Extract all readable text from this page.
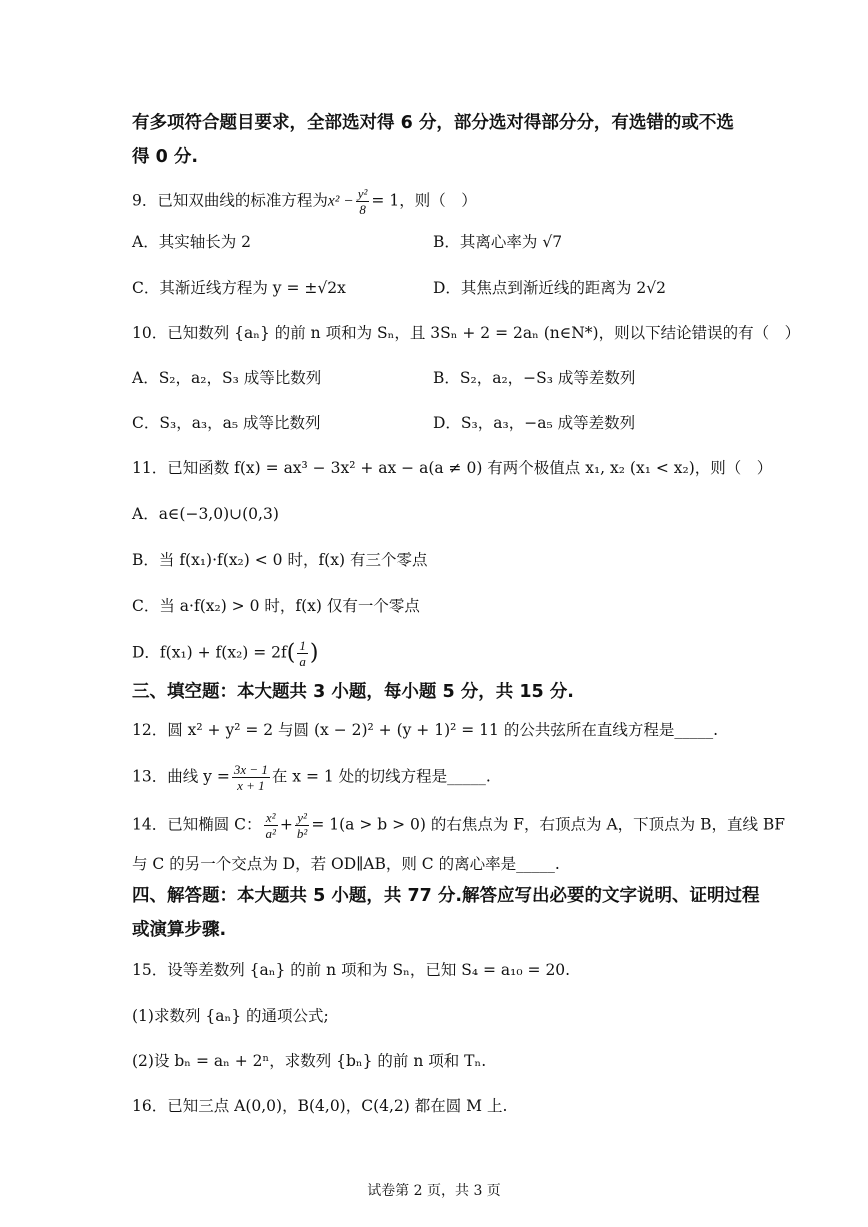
有多项符合题目要求，全部选对得 6 分，部分选对得部分分，有选错的或不选
得 0 分.
9．已知双曲线的标准方程为$x^2 - \frac{\text{y²}}{8} = 1$，则（　）
A．其实轴长为 2	B．其离心率为 √7
C．其渐近线方程为 y = ±√2x	D．其焦点到渐近线的距离为 2√2
10．已知数列 {aₙ} 的前 n 项和为 Sₙ，且 3Sₙ + 2 = 2aₙ (n∈N*)，则以下结论错误的有（　）
A．S₂，a₂，S₃ 成等比数列	B．S₂，a₂，−S₃ 成等差数列
C．S₃，a₃，a₅ 成等比数列	D．S₃，a₃，−a₅ 成等差数列
11．已知函数 f(x) = ax³ − 3x² + ax − a(a ≠ 0) 有两个极值点 x₁, x₂ (x₁ < x₂)，则（　）
A．a∈(−3,0)∪(0,3)
B．当 f(x₁)·f(x₂) < 0 时，f(x) 有三个零点
C．当 a·f(x₂) > 0 时，f(x) 仅有一个零点
D．$f(x_1) + f(x_2) = 2f( \frac{1}{a}$ )
三、填空题：本大题共 3 小题，每小题 5 分，共 15 分.
12．圆 x² + y² = 2 与圆 (x − 2)² + (y + 1)² = 11 的公共弦所在直线方程是_____.
13．曲线 $y = \frac{3x - 1}{x + 1}$ 在 x = 1 处的切线方程是_____.
14．已知椭圆 C： $\frac{\text{x²}}{\text{a²}} + \frac{\text{y²}}{\text{b²}} = 1(a > b > 0)$ 的右焦点为 F，右顶点为 A，下顶点为 B，直线 BF
与 C 的另一个交点为 D，若 OD∥AB，则 C 的离心率是_____.
四、解答题：本大题共 5 小题，共 77 分.解答应写出必要的文字说明、证明过程
或演算步骤.
15．设等差数列 {aₙ} 的前 n 项和为 Sₙ，已知 S₄ = a₁₀ = 20.
(1)求数列 {aₙ} 的通项公式;
(2)设 bₙ = aₙ + 2ⁿ，求数列 {bₙ} 的前 n 项和 Tₙ.
16．已知三点 A(0,0)，B(4,0)，C(4,2) 都在圆 M 上.
试卷第 2 页，共 3 页
